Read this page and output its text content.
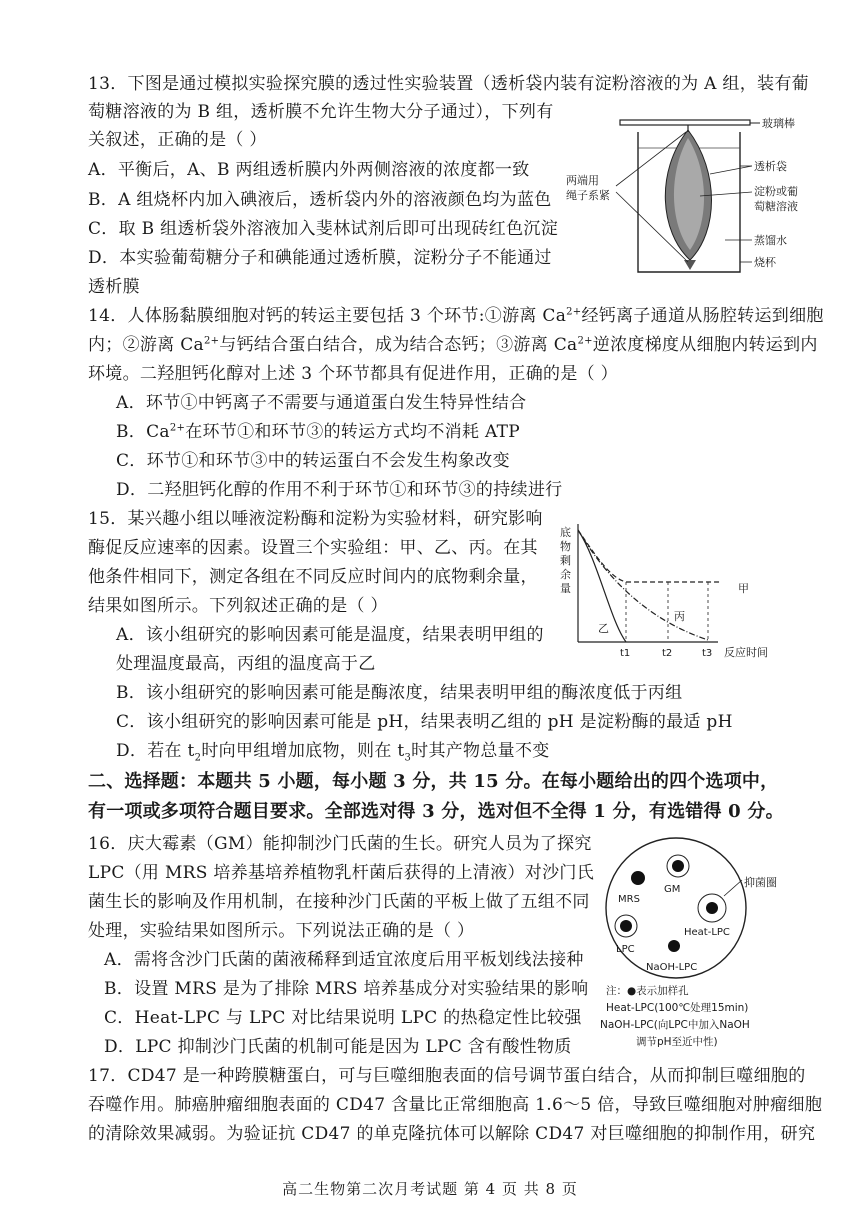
13．下图是通过模拟实验探究膜的透过性实验装置（透析袋内装有淀粉溶液的为 A 组，装有葡
萄糖溶液的为 B 组，透析膜不允许生物大分子通过），下列有
关叙述，正确的是（ ）
A．平衡后，A、B 两组透析膜内外两侧溶液的浓度都一致
B．A 组烧杯内加入碘液后，透析袋内外的溶液颜色均为蓝色
C．取 B 组透析袋外溶液加入斐林试剂后即可出现砖红色沉淀
D．本实验葡萄糖分子和碘能通过透析膜，淀粉分子不能通过
透析膜
玻璃棒
透析袋
淀粉或葡
萄糖溶液
蒸馏水
烧杯
两端用
绳子系紧
14．人体肠黏膜细胞对钙的转运主要包括 3 个环节:①游离 $Ca^{2+}$经钙离子通道从肠腔转运到细胞
内；②游离 $Ca^{2+}$与钙结合蛋白结合，成为结合态钙；③游离 $Ca^{2+}$逆浓度梯度从细胞内转运到内
环境。二羟胆钙化醇对上述 3 个环节都具有促进作用，正确的是（ ）
A．环节①中钙离子不需要与通道蛋白发生特异性结合
B．$Ca^{2+}$在环节①和环节③的转运方式均不消耗 ATP
C．环节①和环节③中的转运蛋白不会发生构象改变
D．二羟胆钙化醇的作用不利于环节①和环节③的持续进行
15．某兴趣小组以唾液淀粉酶和淀粉为实验材料，研究影响
酶促反应速率的因素。设置三个实验组：甲、乙、丙。在其
他条件相同下，测定各组在不同反应时间内的底物剩余量，
结果如图所示。下列叙述正确的是（ ）
A．该小组研究的影响因素可能是温度，结果表明甲组的
处理温度最高，丙组的温度高于乙
B．该小组研究的影响因素可能是酶浓度，结果表明甲组的酶浓度低于丙组
C．该小组研究的影响因素可能是 pH，结果表明乙组的 pH 是淀粉酶的最适 pH
D．若在 $t_2$时向甲组增加底物，则在 $t_3$时其产物总量不变
底
物
剩
余
量	甲
乙
丙
t1	t2	t3 反应时间
二、选择题：本题共 5 小题，每小题 3 分，共 15 分。在每小题给出的四个选项中，
有一项或多项符合题目要求。全部选对得 3 分，选对但不全得 1 分，有选错得 0 分。
16．庆大霉素（GM）能抑制沙门氏菌的生长。研究人员为了探究
LPC（用 MRS 培养基培养植物乳杆菌后获得的上清液）对沙门氏
菌生长的影响及作用机制，在接种沙门氏菌的平板上做了五组不同
处理，实验结果如图所示。下列说法正确的是（ ）
A．需将含沙门氏菌的菌液稀释到适宜浓度后用平板划线法接种
B．设置 MRS 是为了排除 MRS 培养基成分对实验结果的影响
C．Heat-LPC 与 LPC 对比结果说明 LPC 的热稳定性比较强
D．LPC 抑制沙门氏菌的机制可能是因为 LPC 含有酸性物质
MRS
GM
Heat-LPC
LPC
NaOH-LPC
抑菌圈
注：●表示加样孔
Heat-LPC(100℃处理15min)
NaOH-LPC(向LPC中加入NaOH
调节pH至近中性)
17．CD47 是一种跨膜糖蛋白，可与巨噬细胞表面的信号调节蛋白结合，从而抑制巨噬细胞的
吞噬作用。肺癌肿瘤细胞表面的 CD47 含量比正常细胞高 1.6～5 倍，导致巨噬细胞对肿瘤细胞
的清除效果减弱。为验证抗 CD47 的单克隆抗体可以解除 CD47 对巨噬细胞的抑制作用，研究
高二生物第二次月考试题 第 4 页 共 8 页
